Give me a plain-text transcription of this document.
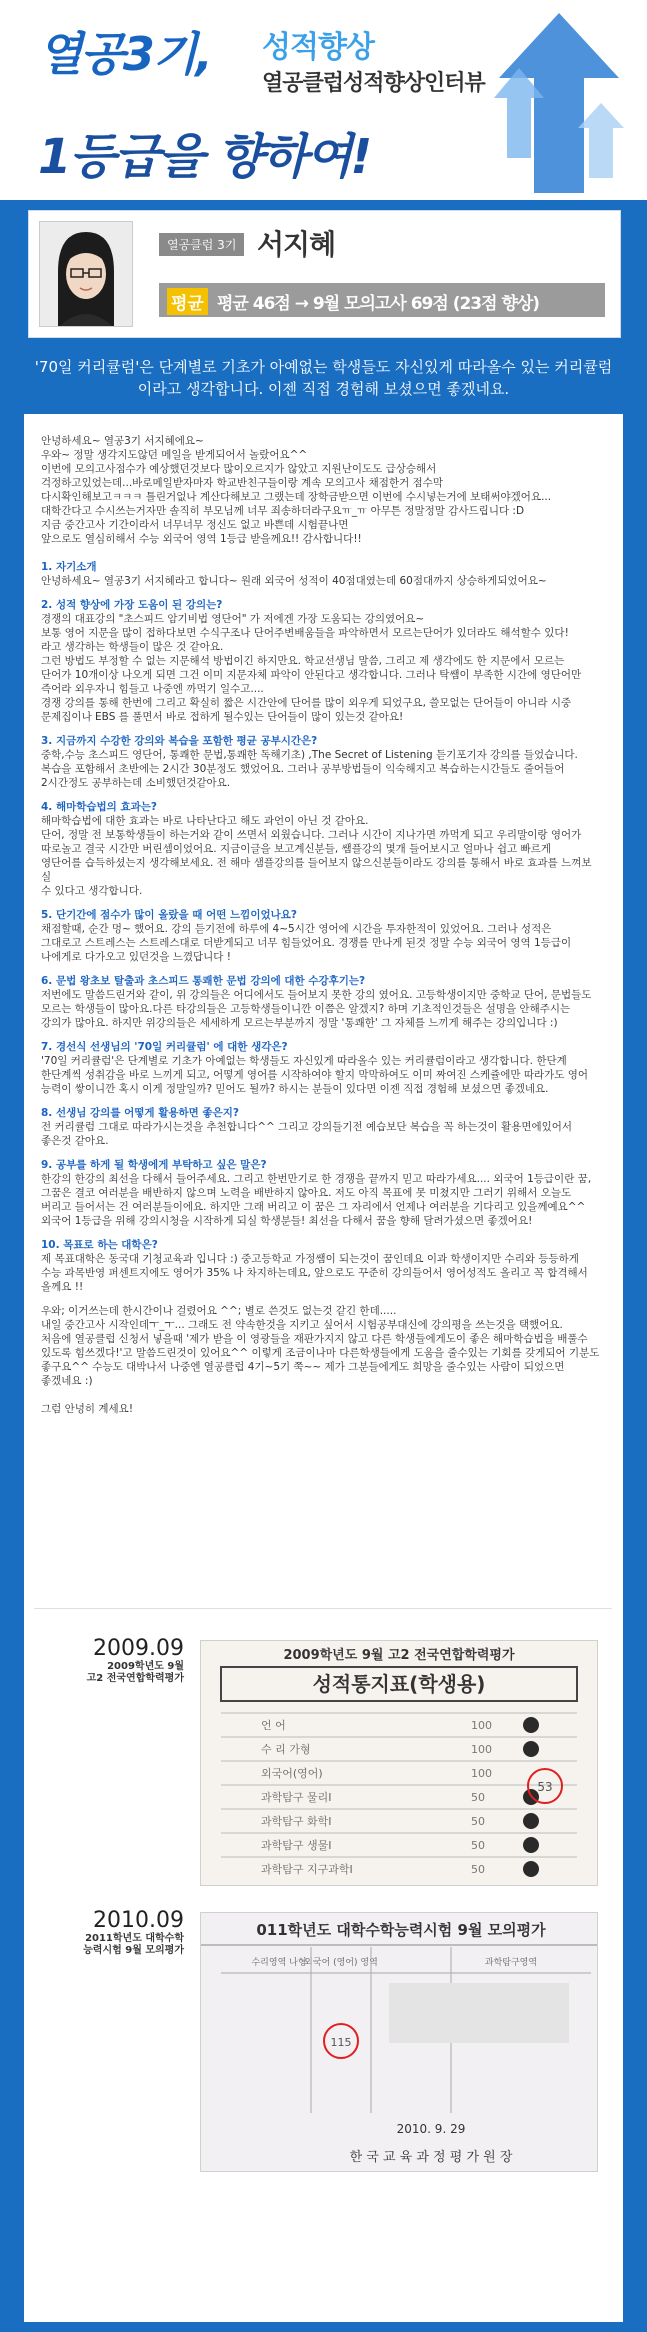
열공3기, 성적향상
열공클럽성적향상인터뷰
1등급을 향하여!
열공클럽 3기 서지혜
평균 평균 46점 → 9월 모의고사 69점 (23점 향상)
'70일 커리큘럼'은 단계별로 기초가 아예없는 학생들도 자신있게 따라올수 있는 커리큘럼이라고 생각합니다. 이젠 직접 경험해 보셨으면 좋겠네요.

안녕하세요~ 열공3기 서지혜에요~
우와~ 정말 생각지도않던 메일을 받게되어서 놀랐어요^^
이번에 모의고사점수가 예상했던것보다 많이오르지가 않았고 지원난이도도 급상승해서
걱정하고있었는데...바로메일받자마자 학교반친구들이랑 계속 모의고사 채점한거 점수막
다시확인해보고ㅋㅋㅋ 틀린거없나 계산다해보고 그랬는데 장학금받으면 이번에 수시넣는거에 보태써야겠어요...
대학간다고 수시쓰는거자만 솔직히 부모님께 너무 죄송하더라구요ㅠ_ㅠ 아무튼 정말정말 감사드립니다 :D
지금 중간고사 기간이라서 너무너무 정신도 없고 바쁜데 시험끝나면
앞으로도 열심히해서 수능 외국어 영역 1등급 받을께요!! 감사합니다!!

1. 자기소개
안녕하세요~ 열공3기 서지혜라고 합니다~ 원래 외국어 성적이 40점대였는데 60점대까지 상승하게되었어요~
2. 성적 향상에 가장 도움이 된 강의는?
경쟁의 대표강의 "초스피드 암기비법 영단어" 가 저에겐 가장 도움되는 강의였어요~
보통 영어 지문을 많이 접하다보면 수식구조나 단어주변배움들을 파악하면서 모르는단어가 있더라도 해석할수 있다!
라고 생각하는 학생들이 많은 것 같아요.
그런 방법도 부정할 수 없는 지문해석 방법이긴 하지만요. 학교선생님 말씀, 그리고 제 생각에도 한 지문에서 모르는
단어가 10개이상 나오게 되면 그건 이미 지문자체 파악이 안된다고 생각합니다. 그러나 탁쌤이 부족한 시간에 영단어만
즉어라 외우자니 힘들고 나중엔 까먹기 일수고....
경쟁 강의를 통해 한번에 그리고 확실히 짧은 시간안에 단어를 많이 외우게 되었구요, 쓸모없는 단어들이 아니라 시중
문제집이나 EBS 를 풀면서 바로 접하게 될수있는 단어들이 많이 있는것 같아요!
3. 지금까지 수강한 강의와 복습을 포함한 평균 공부시간은?
중학,수능 초스피드 영단어, 통쾌한 문법,통쾌한 독해기초) ,The Secret of Listening 듣기포기자 강의를 들었습니다.
복습을 포함해서 초반에는 2시간 30분정도 했었어요. 그러나 공부방법들이 익숙해지고 복습하는시간들도 줄어들어
2시간정도 공부하는데 소비했던것같아요.
4. 해마학습법의 효과는?
해마학습법에 대한 효과는 바로 나타난다고 해도 과언이 아닌 것 같아요.
단어, 정말 전 보통학생들이 하는거와 같이 쓰면서 외웠습니다. 그러나 시간이 지나가면 까먹게 되고 우리말이랑 영어가
따로놀고 결국 시간만 버린셈이었어요. 지금이글을 보고계신분들, 쌤플강의 몇개 들어보시고 얼마나 쉽고 빠르게
영단어를 습득하셨는지 생각해보세요. 전 해마 샘플강의를 들어보지 않으신분들이라도 강의를 통해서 바로 효과를 느껴보실
수 있다고 생각합니다.
5. 단기간에 점수가 많이 올랐을 때 어떤 느낌이었나요?
채점할때, 순간 멍~ 했어요. 강의 듣기전에 하루에 4~5시간 영어에 시간을 투자한적이 있었어요. 그러나 성적은
그대로고 스트레스는 스트레스대로 더받게되고 너무 힘들었어요. 경쟁를 만나게 된것 정말 수능 외국어 영역 1등급이
나에게로 다가오고 있던것을 느꼈답니다 !
6. 문법 왕초보 탈출과 초스피드 통쾌한 문법 강의에 대한 수강후기는?
저번에도 말씀드린거와 같이, 위 강의들은 어디에서도 들어보지 못한 강의 였어요. 고등학생이지만 중학교 단어, 문법들도
모르는 학생들이 많아요.다른 타강의들은 고등학생들이니깐 이쯤은 알겠지? 하며 기초적인것들은 설명을 안해주시는
강의가 많아요. 하지만 위강의들은 세세하게 모르는부분까지 정말 '통쾌한' 그 자체를 느끼게 해주는 강의입니다 :)
7. 경선식 선생님의 '70일 커리큘럼' 에 대한 생각은?
'70일 커리큘럼'은 단계별로 기초가 아예없는 학생들도 자신있게 따라올수 있는 커리큘럼이라고 생각합니다. 한단계
한단계씩 성취감을 바로 느끼게 되고, 어떻게 영어를 시작하여야 할지 막막하여도 이미 짜여진 스케쥴에만 따라가도 영어
능력이 쌓이니깐 혹시 이게 정말일까? 믿어도 될까? 하시는 분들이 있다면 이젠 직접 경험해 보셨으면 좋겠네요.
8. 선생님 강의를 어떻게 활용하면 좋은지?
전 커리큘럼 그대로 따라가시는것을 추천합니다^^ 그리고 강의들기전 예습보단 복습을 꼭 하는것이 활용면에있어서
좋은것 같아요.
9. 공부를 하게 될 학생에게 부탁하고 싶은 말은?
한강의 한강의 최선을 다해서 들어주세요. 그리고 한번만기로 한 경쟁을 끝까지 믿고 따라가세요.... 외국어 1등급이란 꿈,
그꿈은 결코 여러분을 배반하지 않으며 노력을 배반하지 않아요. 저도 아직 목표에 못 미쳤지만 그러기 위해서 오늘도
버리고 들어서는 건 여러분들이에요. 하지만 그래 버리고 이 꿈은 그 자리에서 언제나 여러분을 기다리고 있을께예요^^
외국어 1등급을 위해 강의시청을 시작하게 되실 학생분들! 최선을 다해서 꿈을 향해 달려가셨으면 좋겠어요!
10. 목표로 하는 대학은?
제 목표대학은 동국대 기청교육과 입니다 :) 중고등학교 가정쌤이 되는것이 꿈인데요 이과 학생이지만 수리와 등등하게
수능 과목반영 퍼센트지에도 영어가 35% 나 차지하는데요, 앞으로도 꾸준히 강의들어서 영어성적도 올리고 꼭 합격해서
올께요 !!

우와; 이거쓰는데 한시간이나 걸렸어요 ^^; 별로 쓴것도 없는것 같긴 한데.....
내일 중간고사 시작인데ㅜ_ㅜ... 그래도 전 약속한것을 지키고 싶어서 시험공부대신에 강의평을 쓰는것을 택했어요.
처음에 열공클럽 신청서 넣을때 '제가 받을 이 영광들을 재판가지지 않고 다른 학생들에게도이 좋은 해마학습법을 배풀수
있도록 힘쓰겠다!'고 말씀드린것이 있어요^^ 이렇게 조금이나마 다른학생들에게 도움을 줄수있는 기회를 갖게되어 기분도
좋구요^^ 수능도 대박나서 나중엔 열공클럽 4기~5기 쭉~~ 제가 그분들에게도 희망을 줄수있는 사람이 되었으면
좋겠네요 :)

그럼 안녕히 계세요!

2009.09
2009학년도 9월
고2 전국연합학력평가
2009학년도 9월 고2 전국연합학력평가
성적통지표(학생용)
언 어	100
수 리 가형	100
외국어(영어)	100
과학탐구 물리I	50
과학탐구 화학I	50
과학탐구 생물I	50
과학탐구 지구과학I	50
53
2010.09
2011학년도 대학수학
능력시험 9월 모의평가
011학년도 대학수학능력시험 9월 모의평가
수리영역 나형
외국어 (영어) 영역	과학탐구영역
115
2010. 9. 29
한 국 교 육 과 정 평 가 원 장
